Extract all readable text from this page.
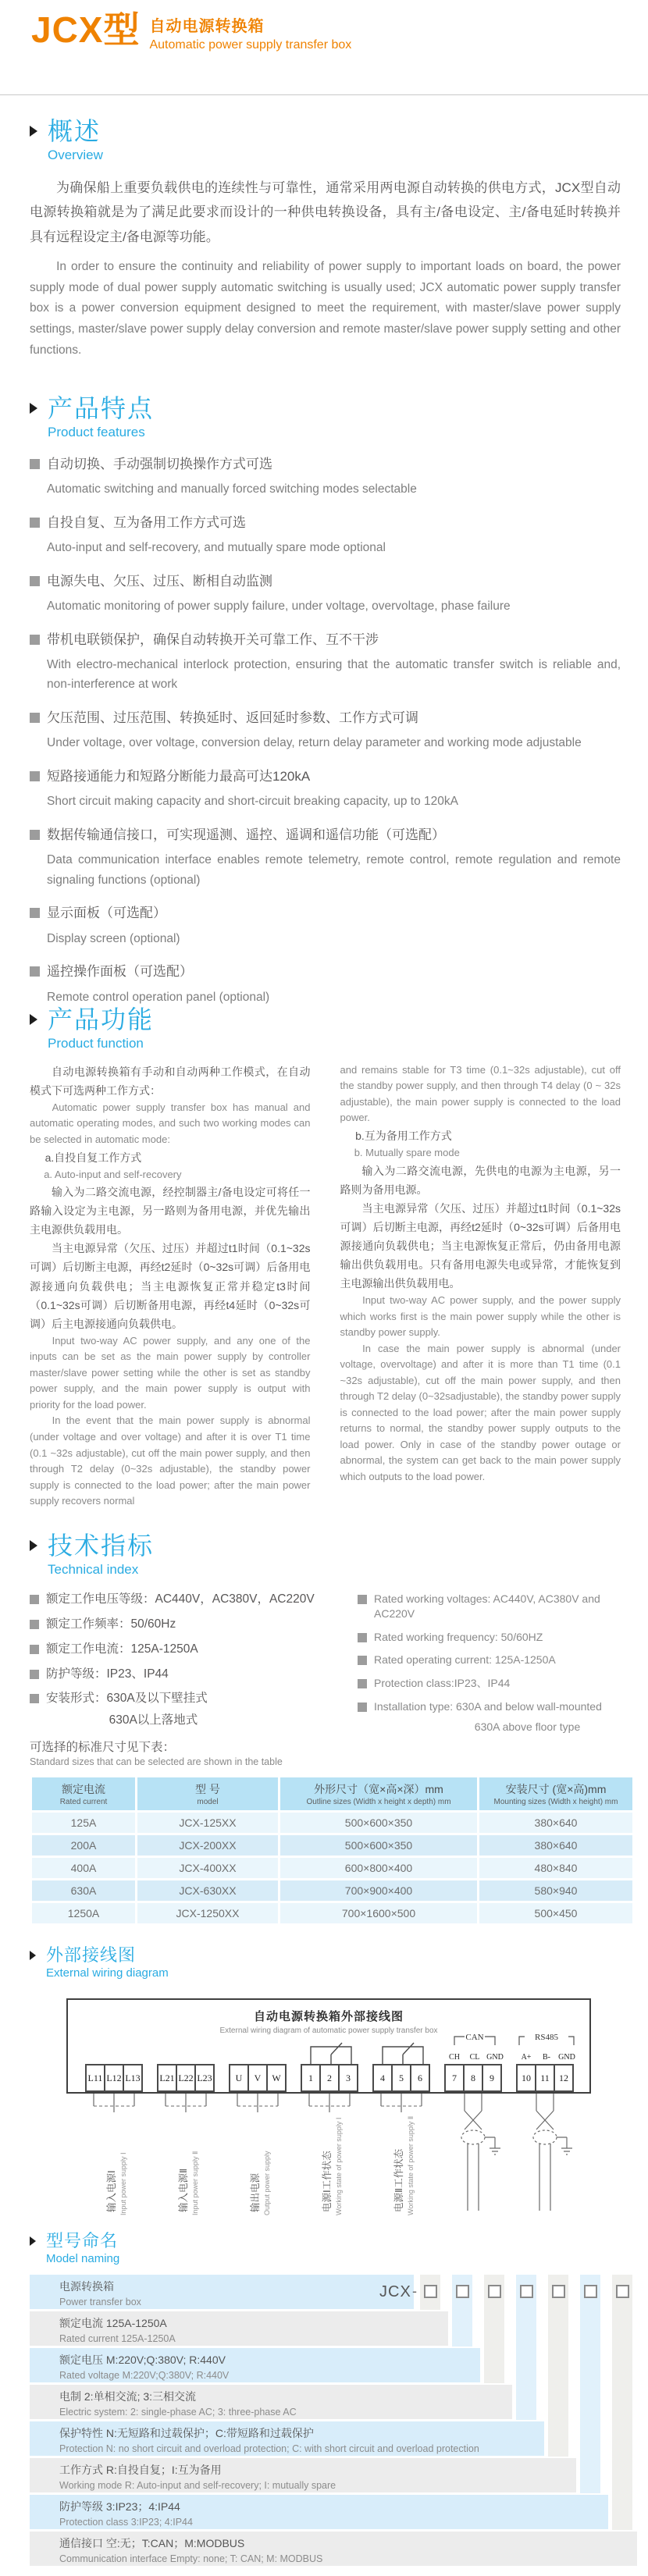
JCX型 自动电源转换箱
Automatic power supply transfer box
概述
Overview
为确保船上重要负载供电的连续性与可靠性，通常采用两电源自动转换的供电方式，JCX型自动电源转换箱就是为了满足此要求而设计的一种供电转换设备，具有主/备电设定、主/备电延时转换并具有远程设定主/备电源等功能。
In order to ensure the continuity and reliability of power supply to important loads on board, the power supply mode of dual power supply automatic switching is usually used; JCX automatic power supply transfer box is a power conversion equipment designed to meet the requirement, with master/slave power supply settings, master/slave power supply delay conversion and remote master/slave power supply setting and other functions.
产品特点
Product features
自动切换、手动强制切换操作方式可选
Automatic switching and manually forced switching modes selectable
自投自复、互为备用工作方式可选
Auto-input and self-recovery, and mutually spare mode optional
电源失电、欠压、过压、断相自动监测
Automatic monitoring of power supply failure, under voltage, overvoltage, phase failure
带机电联锁保护，确保自动转换开关可靠工作、互不干涉
With electro-mechanical interlock protection, ensuring that the automatic transfer switch is reliable and, non-interference at work
欠压范围、过压范围、转换延时、返回延时参数、工作方式可调
Under voltage, over voltage, conversion delay, return delay parameter and working mode adjustable
短路接通能力和短路分断能力最高可达120kA
Short circuit making capacity and short-circuit breaking capacity, up to 120kA
数据传输通信接口，可实现遥测、遥控、遥调和遥信功能（可选配）
Data communication interface enables remote telemetry, remote control, remote regulation and remote signaling functions (optional)
显示面板（可选配）
Display screen (optional)
遥控操作面板（可选配）
Remote control operation panel (optional)
产品功能
Product function
自动电源转换箱有手动和自动两种工作模式，在自动模式下可选两种工作方式：
Automatic power supply transfer box has manual and automatic operating modes, and such two working modes can be selected in automatic mode:
a.自投自复工作方式
a. Auto-input and self-recovery
输入为二路交流电源，经控制器主/备电设定可将任一路输入设定为主电源，另一路则为备用电源，并优先输出主电源供负载用电。
当主电源异常（欠压、过压）并超过t1时间（0.1~32s可调）后切断主电源，再经t2延时（0~32s可调）后备用电源接通向负载供电；当主电源恢复正常并稳定t3时间（0.1~32s可调）后切断备用电源，再经t4延时（0~32s可调）后主电源接通向负载供电。
Input two-way AC power supply, and any one of the inputs can be set as the main power supply by controller master/slave power setting while the other is set as standby power supply, and the main power supply is output with priority for the load power.
In the event that the main power supply is abnormal (under voltage and over voltage) and after it is over T1 time (0.1 ~32s adjustable), cut off the main power supply, and then through T2 delay (0~32s adjustable), the standby power supply is connected to the load power; after the main power supply recovers normal
and remains stable for T3 time (0.1~32s adjustable), cut off the standby power supply, and then through T4 delay (0 ~ 32s adjustable), the main power supply is connected to the load power.
b.互为备用工作方式
b. Mutually spare mode
输入为二路交流电源，先供电的电源为主电源，另一路则为备用电源。
当主电源异常（欠压、过压）并超过t1时间（0.1~32s可调）后切断主电源，再经t2延时（0~32s可调）后备用电源接通向负载供电；当主电源恢复正常后，仍由备用电源输出供负载用电。只有备用电源失电或异常，才能恢复到主电源输出供负载用电。
Input two-way AC power supply, and the power supply which works first is the main power supply while the other is standby power supply.
In case the main power supply is abnormal (under voltage, overvoltage) and after it is more than T1 time (0.1 ~32s adjustable), cut off the main power supply, and then through T2 delay (0~32sadjustable), the standby power supply is connected to the load power; after the main power supply returns to normal, the standby power supply outputs to the load power. Only in case of the standby power outage or abnormal, the system can get back to the main power supply which outputs to the load power.
技术指标
Technical index
额定工作电压等级：AC440V，AC380V，AC220V
额定工作频率：50/60Hz
额定工作电流：125A-1250A
防护等级：IP23、IP44
安装形式：630A及以下壁挂式
630A以上落地式
Rated working voltages: AC440V, AC380V and AC220V
Rated working frequency: 50/60HZ
Rated operating current: 125A-1250A
Protection class:IP23、IP44
Installation type: 630A and below wall-mounted
630A above floor type
可选择的标准尺寸见下表：
Standard sizes that can be selected are shown in the table
额定电流
Rated current

型 号
model

外形尺寸（宽×高×深）mm
Outline sizes (Width x height x depth) mm

安装尺寸 (宽×高)mm
Mounting sizes (Width x height) mm

125A	JCX-125XX	500×600×350	380×640
200A	JCX-200XX	500×600×350	380×640
400A	JCX-400XX	600×800×400	480×840
630A	JCX-630XX	700×900×400	580×940
1250A	JCX-1250XX	700×1600×500	500×450
外部接线图
External wiring diagram
自动电源转换箱外部接线图
External wiring diagram of automatic power supply transfer box
CAN	RS485
CH CL GND A+ B- GND
L11 L12 L13 L21 L22 L23	U	V	W	1	2	3	4	5	6	7	8	9	10	11	12
输入电源Ⅰ Input power supply Ⅰ	输入电源Ⅱ Input power supply Ⅱ	输出电源 Output power supply	电源Ⅰ工作状态 Working state of power supply Ⅰ	电源Ⅱ工作状态 Working state of power supply Ⅱ
型号命名
Model naming
电源转换箱
Power transfer box
额定电流 125A-1250A
Rated current 125A-1250A
额定电压 M:220V;Q:380V; R:440V
Rated voltage M:220V;Q:380V; R:440V
电制 2:单相交流; 3:三相交流
Electric system: 2: single-phase AC; 3: three-phase AC
保护特性 N:无短路和过载保护；C:带短路和过载保护
Protection N: no short circuit and overload protection; C: with short circuit and overload protection
工作方式 R:自投自复；I:互为备用
Working mode R: Auto-input and self-recovery; I: mutually spare
防护等级 3:IP23；4:IP44
Protection class 3:IP23; 4:IP44
通信接口 空:无；T:CAN；M:MODBUS
Communication interface Empty: none; T: CAN; M: MODBUS
JCX -
